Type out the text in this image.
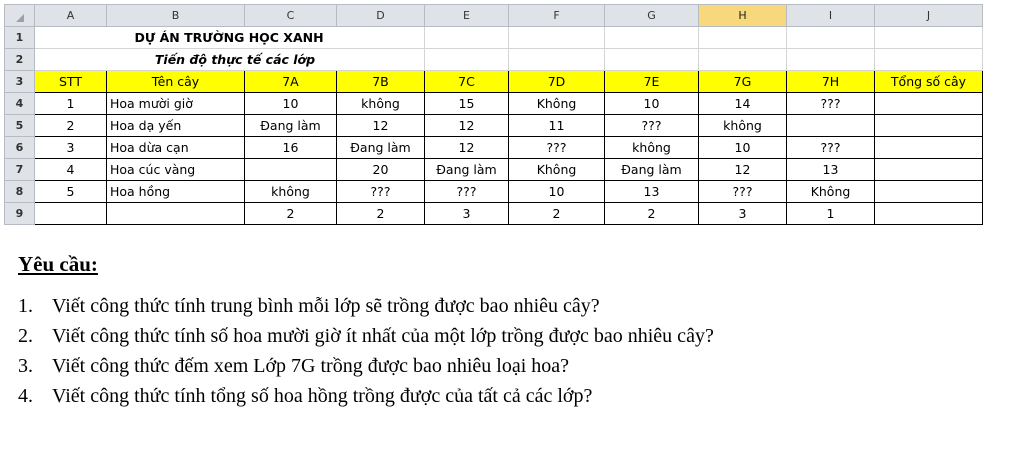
	A	B	C	D	E	F	G	H	I	J
1	DỰ ÁN TRƯỜNG HỌC XANH									
2	Tiến độ thực tế các lớp									
3	STT	Tên cây	7A	7B	7C	7D	7E	7G	7H	Tổng số cây
4	1	Hoa mười giờ	10	không	15	Không	10	14	???	
5	2	Hoa dạ yến	Đang làm	12	12	11	???	không		
6	3	Hoa dừa cạn	16	Đang làm	12	???	không	10	???	
7	4	Hoa cúc vàng		20	Đang làm	Không	Đang làm	12	13	
8	5	Hoa hồng	không	???	???	10	13	???	Không	
9			2	2	3	2	2	3	1	
Yêu cầu:
1. Viết công thức tính trung bình mỗi lớp sẽ trồng được bao nhiêu cây?
2. Viết công thức tính số hoa mười giờ ít nhất của một lớp trồng được bao nhiêu cây?
3. Viết công thức đếm xem Lớp 7G trồng được bao nhiêu loại hoa?
4. Viết công thức tính tổng số hoa hồng trồng được của tất cả các lớp?
